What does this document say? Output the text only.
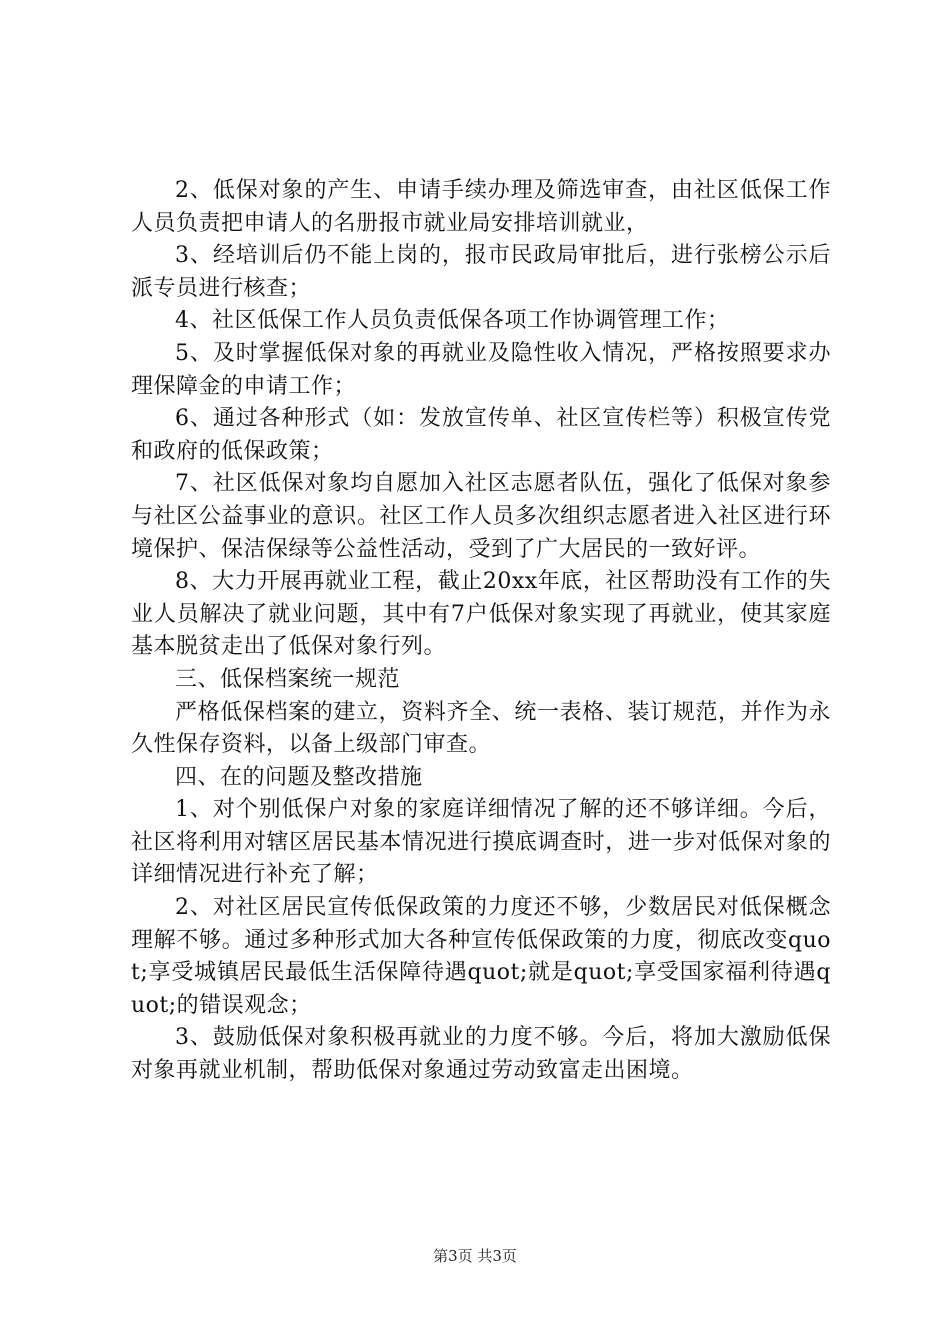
2、低保对象的产生、申请手续办理及筛选审查，由社区低保工作人员负责把申请人的名册报市就业局安排培训就业，

3、经培训后仍不能上岗的，报市民政局审批后，进行张榜公示后派专员进行核查；

4、社区低保工作人员负责低保各项工作协调管理工作；

5、及时掌握低保对象的再就业及隐性收入情况，严格按照要求办理保障金的申请工作；

6、通过各种形式（如：发放宣传单、社区宣传栏等）积极宣传党和政府的低保政策；

7、社区低保对象均自愿加入社区志愿者队伍，强化了低保对象参与社区公益事业的意识。社区工作人员多次组织志愿者进入社区进行环境保护、保洁保绿等公益性活动，受到了广大居民的一致好评。

8、大力开展再就业工程，截止20xx年底，社区帮助没有工作的失业人员解决了就业问题，其中有7户低保对象实现了再就业，使其家庭基本脱贫走出了低保对象行列。

三、低保档案统一规范

严格低保档案的建立，资料齐全、统一表格、装订规范，并作为永久性保存资料，以备上级部门审查。

四、在的问题及整改措施

1、对个别低保户对象的家庭详细情况了解的还不够详细。今后，社区将利用对辖区居民基本情况进行摸底调查时，进一步对低保对象的详细情况进行补充了解；

2、对社区居民宣传低保政策的力度还不够，少数居民对低保概念理解不够。通过多种形式加大各种宣传低保政策的力度，彻底改变quot;享受城镇居民最低生活保障待遇quot;就是quot;享受国家福利待遇quot;的错误观念；

3、鼓励低保对象积极再就业的力度不够。今后，将加大激励低保对象再就业机制，帮助低保对象通过劳动致富走出困境。

第3页 共3页
